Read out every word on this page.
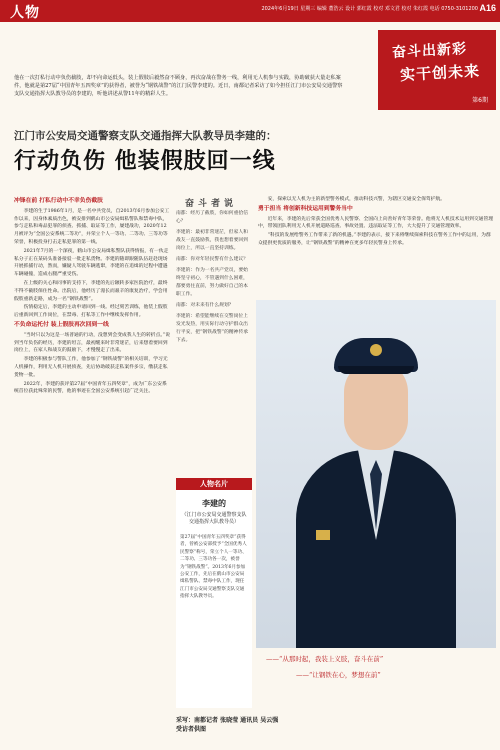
人物	2024年6月19日 星期三 编辑 董浩云 设计 郭红霞 校对 邓文君 校对 朱红霞 电话 0750-3101200 A16
奋斗出新彩
实干创未来
第6期
他在一次打私行动中负伤截肢，却不向命运低头，装上假肢后毅然奋不顾身，再次奋战在警务一线，利用无人机参与实践，协助破获大量走私案件，他就是第27届“中国青年五四奖章”的获得者，被誉为“钢铁战警”的江门民警李建的。近日，南都记者采访了如今担任江门市公安局交通警察支队交通指挥大队教导员的李建的，听他讲述从警11年的精彩人生。
江门市公安局交通警察支队交通指挥大队教导员李建的：
行动负伤 他装假肢回一线
冲锋在前 打私行动中不幸负伤截肢

李建的生于1986年1月，是一名中共党员，自2013年6月参加公安工作以来，因身体素质出色，被安排到鹤山市公安局缉私警队和禁毒中队，参与走私和毒品犯罪的侦查、抓捕、取证等工作，屡建战功，2020年12月被评为“全国公安系统二等功”，并荣立个人一等功、二等功、三等功等荣誉，积极投身打击走私犯罪的第一线。

2021年7月的一个深夜，鹤山市公安局缉私警队获得情报，有一伙走私分子正在某码头准备接驳一批走私货物。李建的随即跟随队伍赶赴现场开展抓捕行动，然而，嫌疑人驾驶车辆逃窜，李建的在追缉的过程中遭遇车辆碰撞，造成右腿严重受伤。

在上级的关心和同事的支持下，李建的先后辗转多家医院治疗，最终不得不截肢保住性命。出院后，他经历了漫长而艰辛的康复治疗，学会用假肢重新走路，成为一名“钢铁战警”。

伤情稳定后，李建的主动申请回到一线。经过刻苦训练，他装上假肢后重新回到工作岗位，在禁毒、打私等工作中继续发挥作用。

不负命运托付 装上假肢再次回到一线

“当时只以为这是一场普通的行动，没想到会变成我人生的转折点。”说到当年负伤的经历，李建的坦言，最初醒来时非常迷茫，后来想着要回到岗位上，在家人和战友的鼓励下，才慢慢走了出来。

李建的积极参与警队工作，他参加了“钢铁战警”的相关培训，学习无人机操作，利用无人机开展侦查，先后协助破获走私案件多宗，缴获走私货物一批。

2022年，李建的获评第27届“中国青年五四奖章”，成为广东公安系统首位获此殊荣的民警，他的事迹在全国公安系统引起广泛关注。

奋斗者说

南都：经历了截肢，你如何重拾信心？

李建的：最初非常迷茫，但家人和战友一直鼓励我，我也想着要回到岗位上，所以一直坚持训练。

南都：你对年轻民警有什么建议？

李建的：作为一名共产党员，要始终坚守初心，不管遇到什么困难，都要勇往直前，努力做好自己的本职工作。

南都：对未来有什么规划？

李建的：希望能继续在交警岗位上发光发热，用实际行动守护群众出行平安，把“钢铁战警”的精神传承下去。

人物名片
李建的
（江门市公安局交通警察支队交通指挥大队教导员）
第27届“中国青年五四奖章”获得者，曾被公安部授予“全国优秀人民警察”称号，荣立个人一等功、二等功、三等功各一次，被誉为“钢铁战警”。2013年6月参加公安工作，先后在鹤山市公安局缉私警队、禁毒中队工作，现任江门市公安局交通警察支队交通指挥大队教导员。

安，探索以无人机为主的新型警务模式，推动科技兴警，为辖区交通安全保驾护航。

勇于担当 将创新科技运用到警务当中

近年来，李建的先后荣获全国优秀人民警察、全国向上向善好青年等荣誉。他将无人机技术运用到交通管理中，带领团队利用无人机开展道路巡查、事故处置、违法取证等工作，大大提升了交通管理效率。

“科技的发展给警务工作带来了新的机遇。”李建的表示，接下来将继续探索科技在警务工作中的运用，为群众提供更优质的服务，让“钢铁战警”的精神在更多年轻民警身上传承。

——“从那时起，我装上义肢，奋斗在前”
——“让钢铁在心，梦想在前”
采写：南都记者 张晓莹 通讯员 吴云强
受访者供图
